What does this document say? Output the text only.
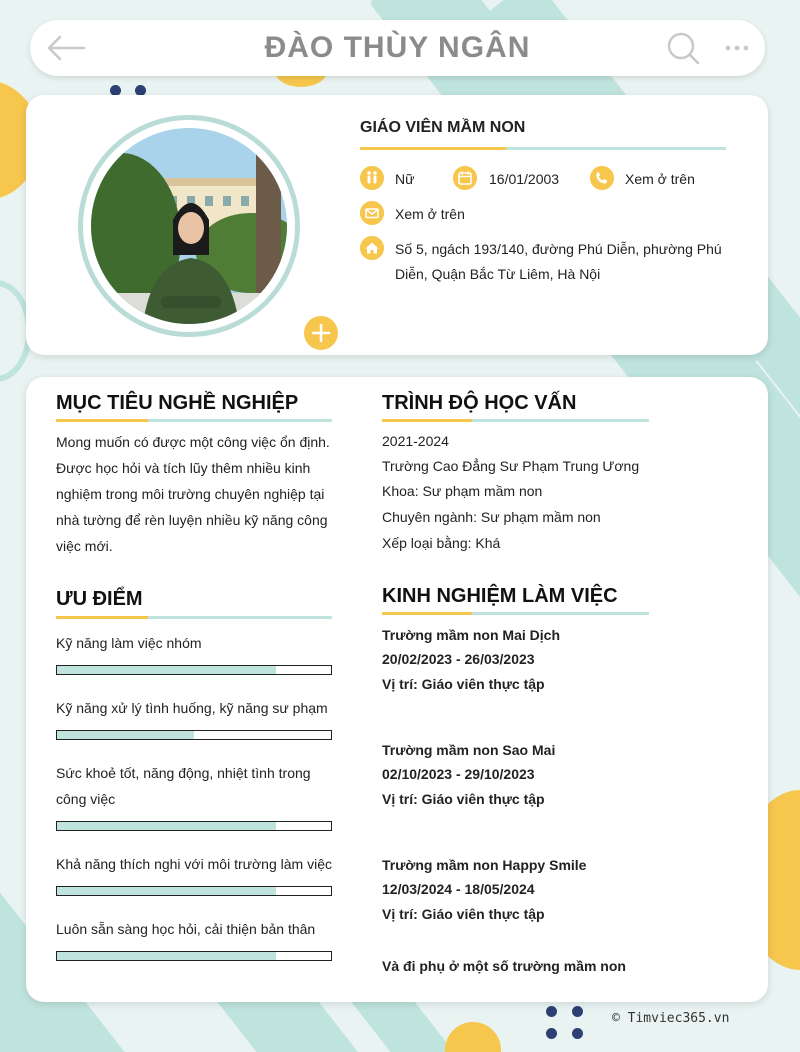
ĐÀO THÙY NGÂN
GIÁO VIÊN MẦM NON
Nữ	16/01/2003	Xem ở trên
Xem ở trên
Số 5, ngách 193/140, đường Phú Diễn, phường Phú
Diễn, Quận Bắc Từ Liêm, Hà Nội
MỤC TIÊU NGHỀ NGHIỆP
Mong muốn có được một công việc ổn định.
Được học hỏi và tích lũy thêm nhiều kinh
nghiệm trong môi trường chuyên nghiệp tại
nhà tường để rèn luyện nhiều kỹ năng công
việc mới.
ƯU ĐIỂM
Kỹ năng làm việc nhóm
Kỹ năng xử lý tình huống, kỹ năng sư phạm
Sức khoẻ tốt, năng động, nhiệt tình trong
công việc
Khả năng thích nghi với môi trường làm việc
Luôn sẵn sàng học hỏi, cải thiện bản thân
TRÌNH ĐỘ HỌC VẤN
2021-2024
Trường Cao Đẳng Sư Phạm Trung Ương
Khoa: Sư phạm mầm non
Chuyên ngành: Sư phạm mầm non
Xếp loại bằng: Khá
KINH NGHIỆM LÀM VIỆC
Trường mầm non Mai Dịch
20/02/2023 - 26/03/2023
Vị trí: Giáo viên thực tập
Trường mầm non Sao Mai
02/10/2023 - 29/10/2023
Vị trí: Giáo viên thực tập
Trường mầm non Happy Smile
12/03/2024 - 18/05/2024
Vị trí: Giáo viên thực tập
Và đi phụ ở một số trường mầm non
© Timviec365.vn
